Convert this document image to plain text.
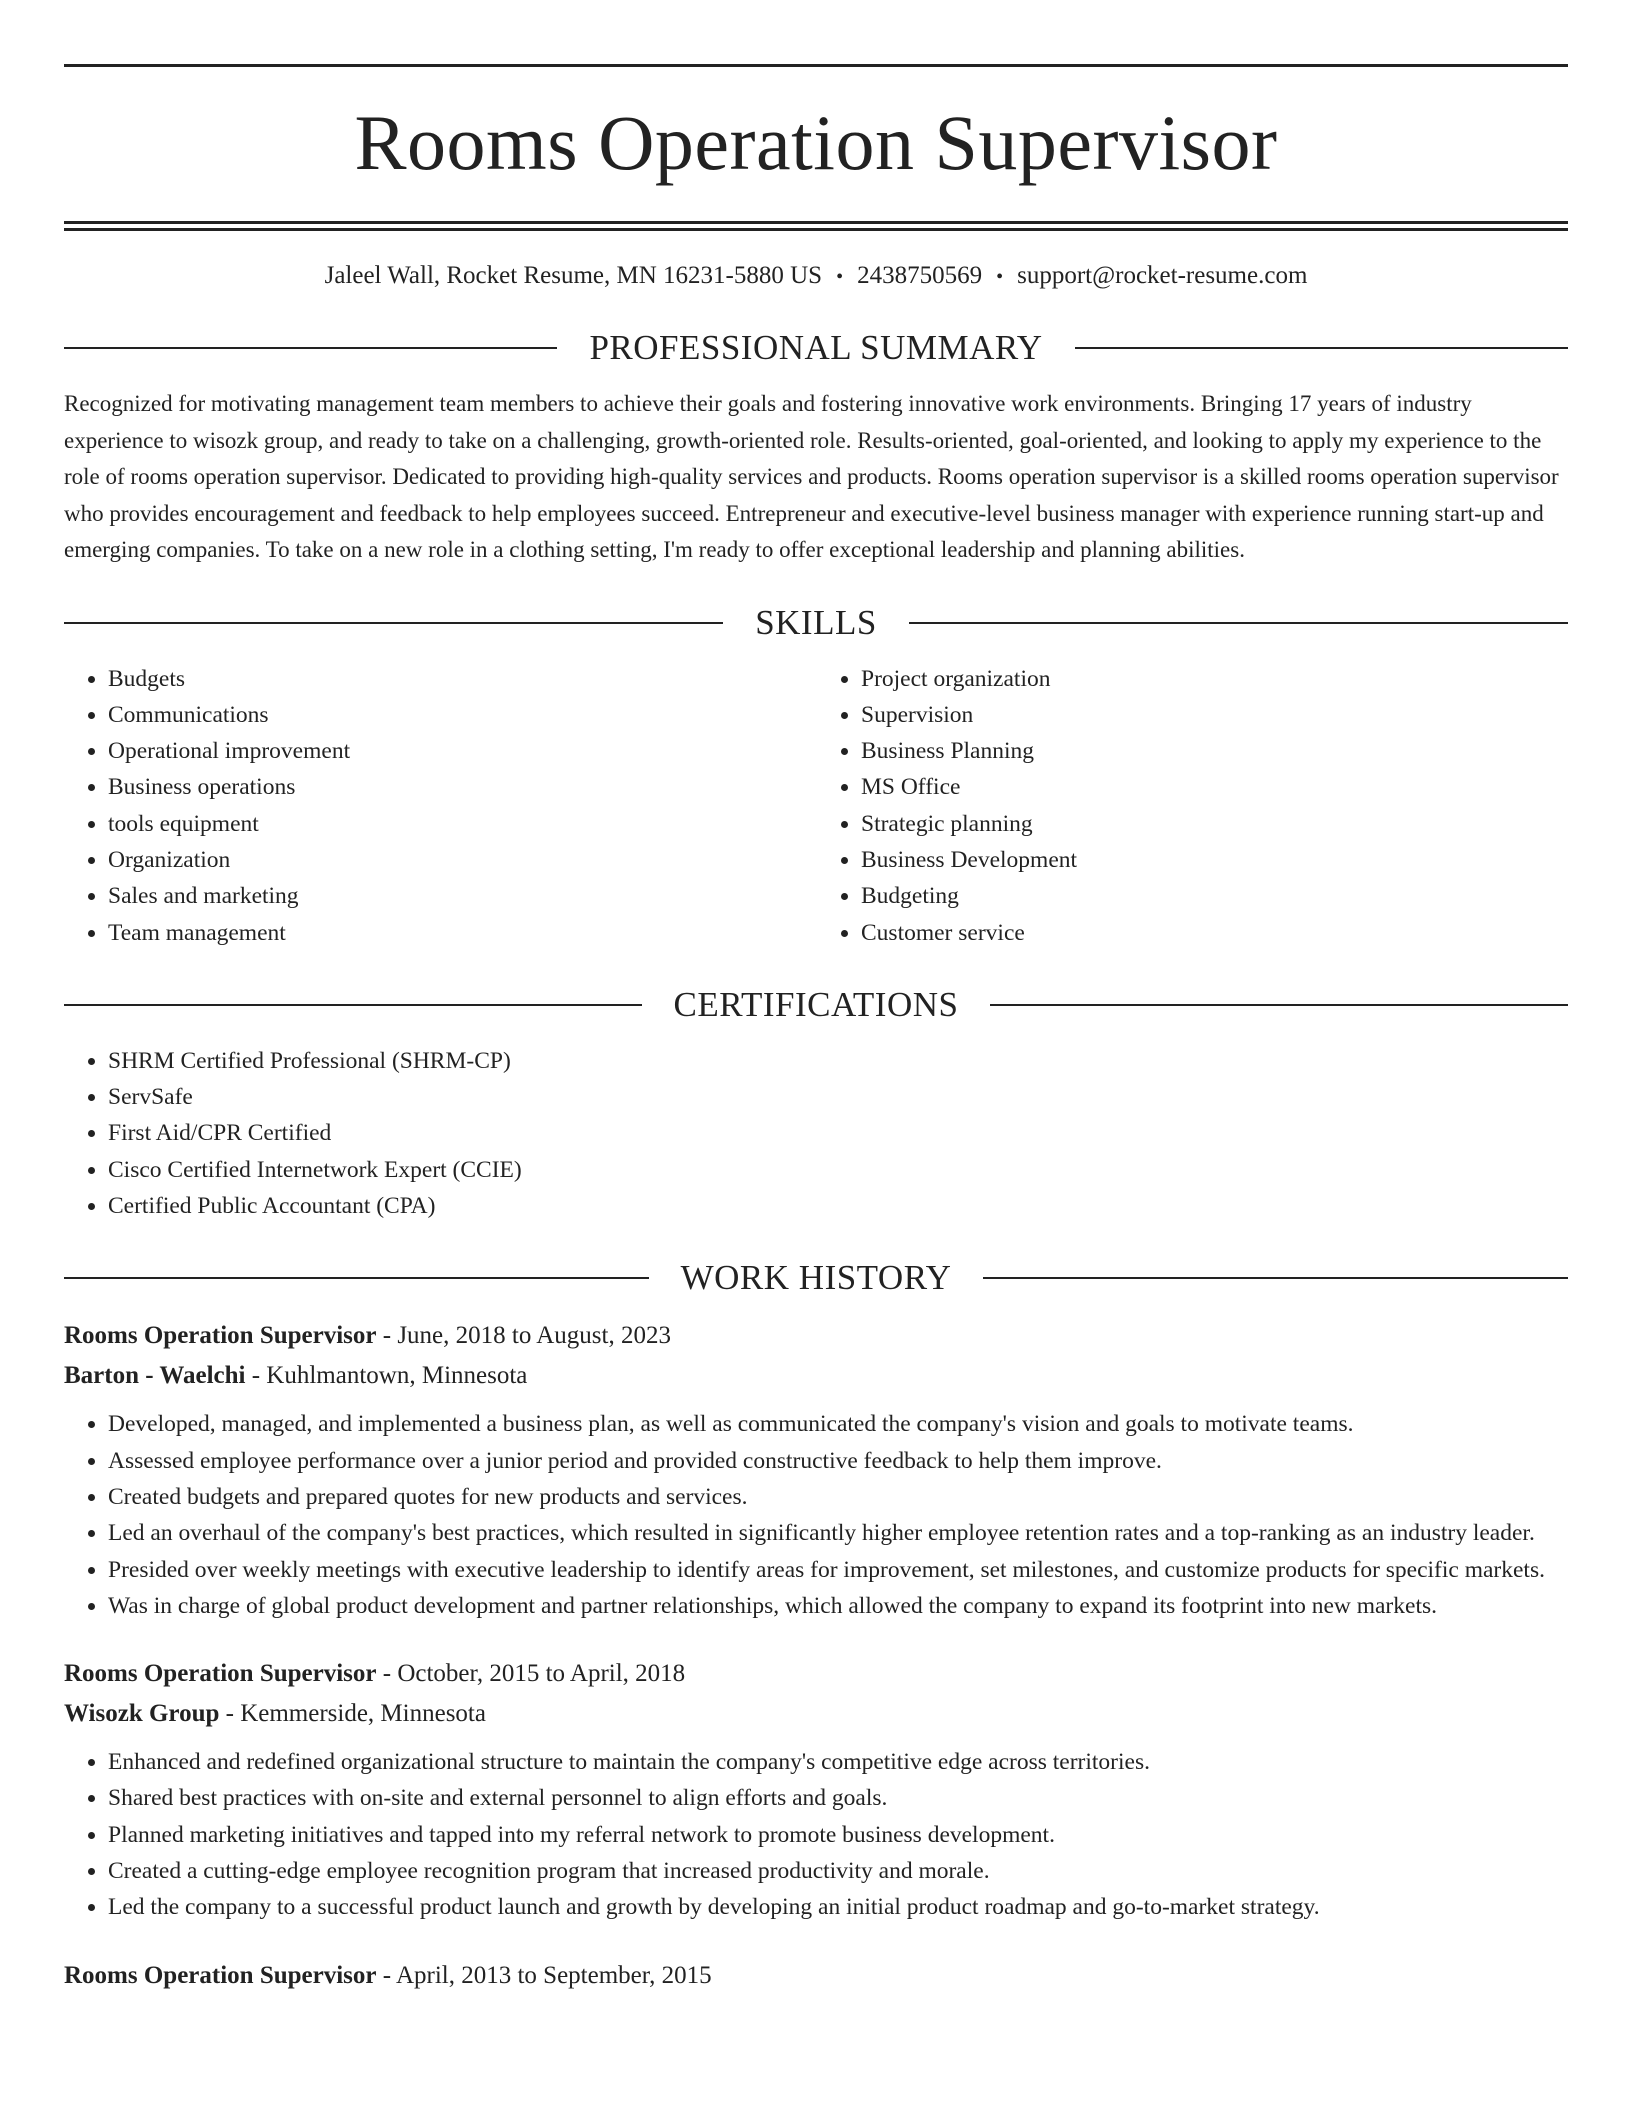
Rooms Operation Supervisor
Jaleel Wall, Rocket Resume, MN 16231-5880 US • 2438750569 • support@rocket-resume.com
PROFESSIONAL SUMMARY

Recognized for motivating management team members to achieve their goals and fostering innovative work environments. Bringing 17 years of industry experience to wisozk group, and ready to take on a challenging, growth-oriented role. Results-oriented, goal-oriented, and looking to apply my experience to the role of rooms operation supervisor. Dedicated to providing high-quality services and products. Rooms operation supervisor is a skilled rooms operation supervisor who provides encouragement and feedback to help employees succeed. Entrepreneur and executive-level business manager with experience running start-up and emerging companies. To take on a new role in a clothing setting, I'm ready to offer exceptional leadership and planning abilities.

SKILLS
• Budgets
• Communications
• Operational improvement
• Business operations
• tools equipment
• Organization
• Sales and marketing
• Team management
• Project organization
• Supervision
• Business Planning
• MS Office
• Strategic planning
• Business Development
• Budgeting
• Customer service
CERTIFICATIONS
• SHRM Certified Professional (SHRM-CP)
• ServSafe
• First Aid/CPR Certified
• Cisco Certified Internetwork Expert (CCIE)
• Certified Public Accountant (CPA)
WORK HISTORY
Rooms Operation Supervisor - June, 2018 to August, 2023
Barton - Waelchi - Kuhlmantown, Minnesota
• Developed, managed, and implemented a business plan, as well as communicated the company's vision and goals to motivate teams.
• Assessed employee performance over a junior period and provided constructive feedback to help them improve.
• Created budgets and prepared quotes for new products and services.
• Led an overhaul of the company's best practices, which resulted in significantly higher employee retention rates and a top-ranking as an industry leader.
• Presided over weekly meetings with executive leadership to identify areas for improvement, set milestones, and customize products for specific markets.
• Was in charge of global product development and partner relationships, which allowed the company to expand its footprint into new markets.
Rooms Operation Supervisor - October, 2015 to April, 2018
Wisozk Group - Kemmerside, Minnesota
• Enhanced and redefined organizational structure to maintain the company's competitive edge across territories.
• Shared best practices with on-site and external personnel to align efforts and goals.
• Planned marketing initiatives and tapped into my referral network to promote business development.
• Created a cutting-edge employee recognition program that increased productivity and morale.
• Led the company to a successful product launch and growth by developing an initial product roadmap and go-to-market strategy.
Rooms Operation Supervisor - April, 2013 to September, 2015
